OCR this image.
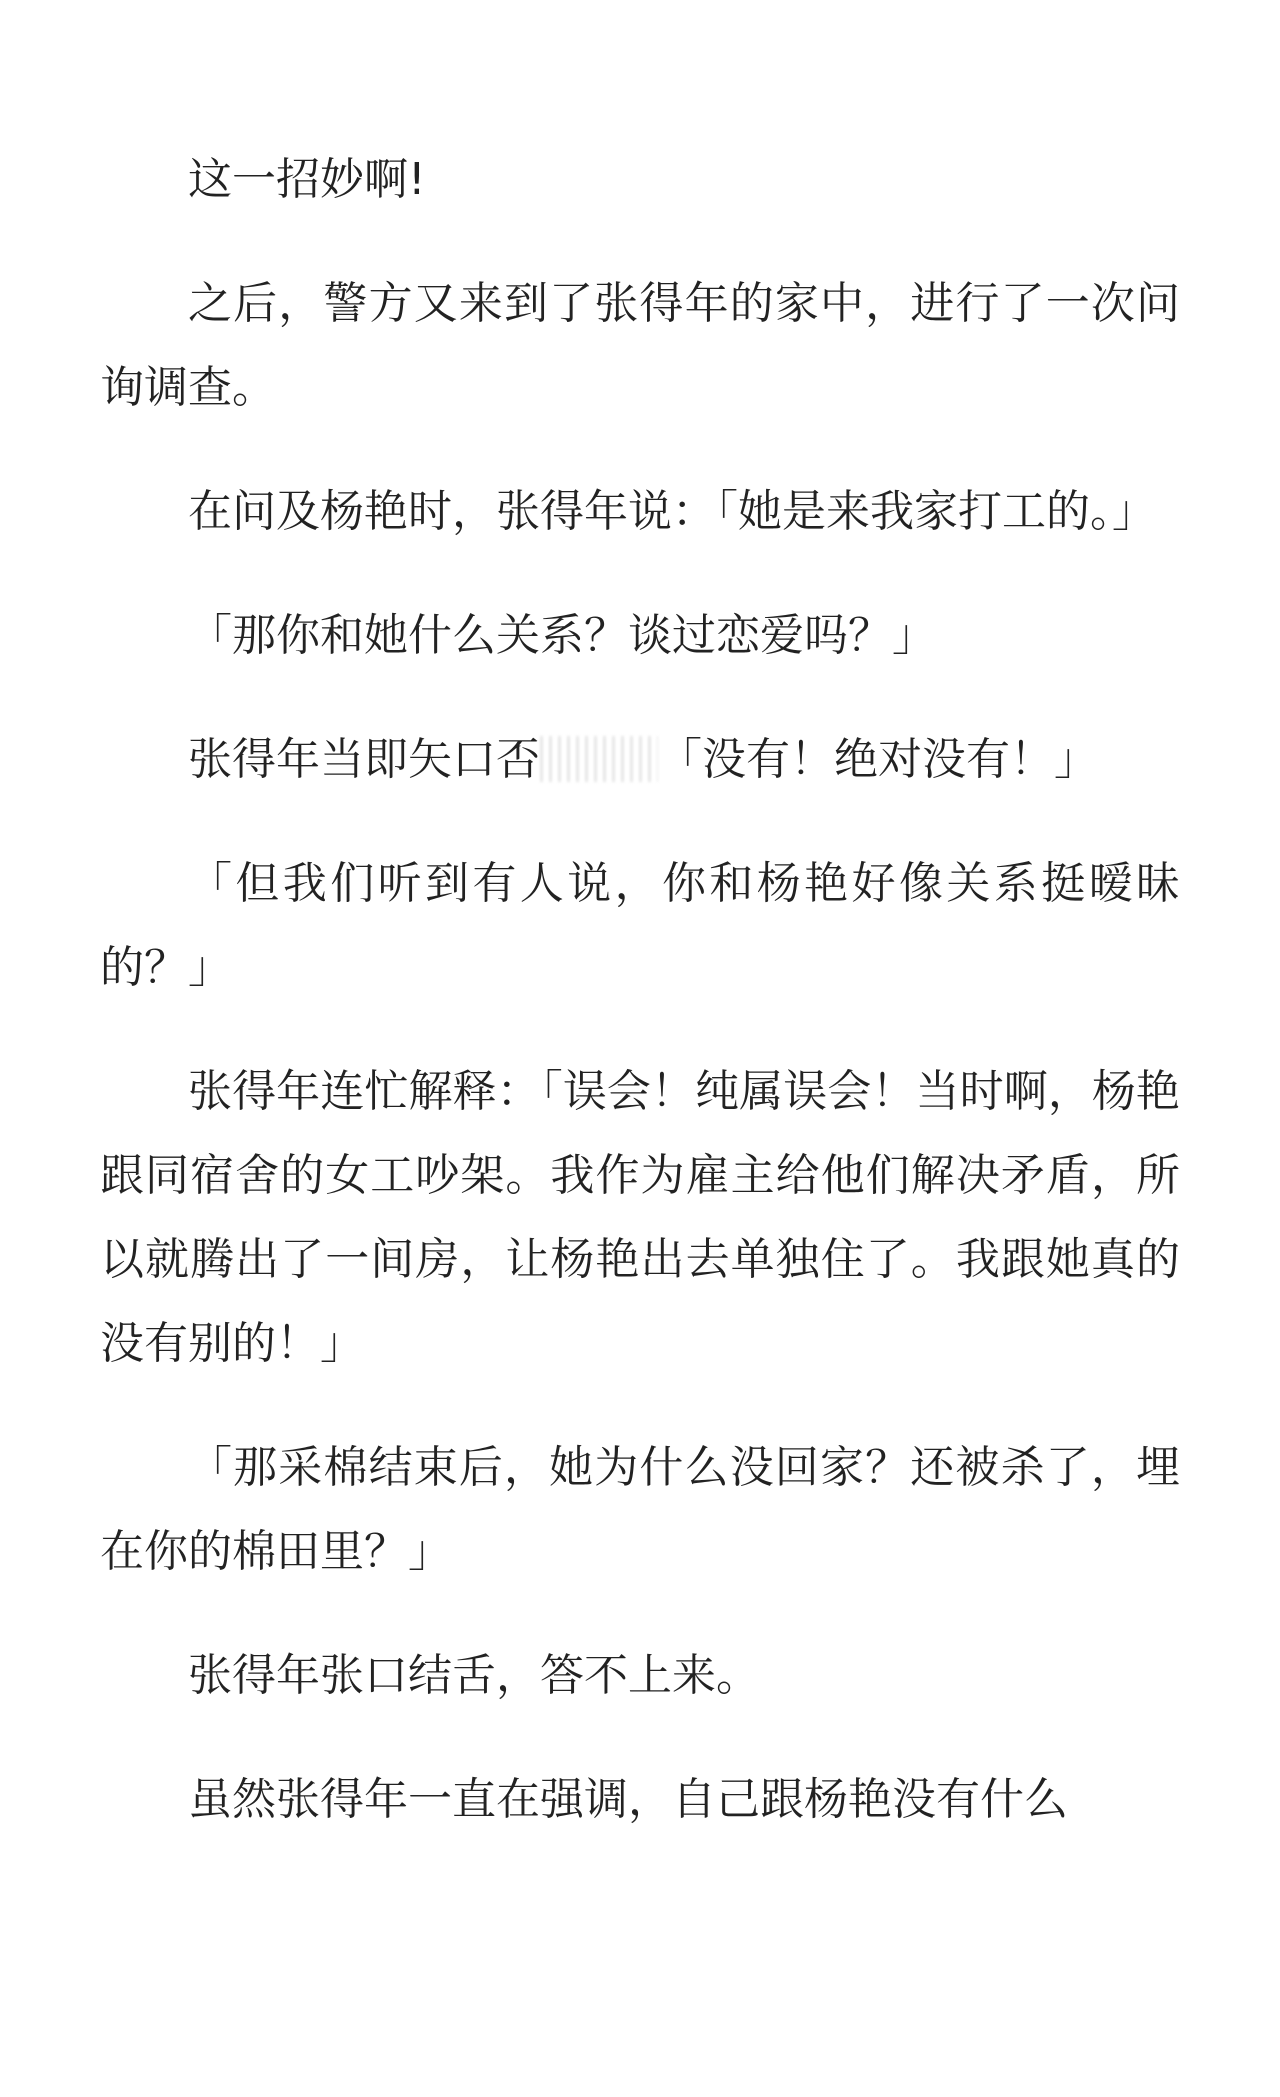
这一招妙啊!

之后，警方又来到了张得年的家中，进行了一次问询调查。

在问及杨艳时，张得年说：「她是来我家打工的。」

「那你和她什么关系？谈过恋爱吗？」

张得年当即矢口否	「没有！绝对没有！」

「但我们听到有人说，你和杨艳好像关系挺暧昧的？」

张得年连忙解释：「误会！纯属误会！当时啊，杨艳跟同宿舍的女工吵架。我作为雇主给他们解决矛盾，所以就腾出了一间房，让杨艳出去单独住了。我跟她真的没有别的！」

「那采棉结束后，她为什么没回家？还被杀了，埋在你的棉田里？」

张得年张口结舌，答不上来。

虽然张得年一直在强调，自己跟杨艳没有什么
